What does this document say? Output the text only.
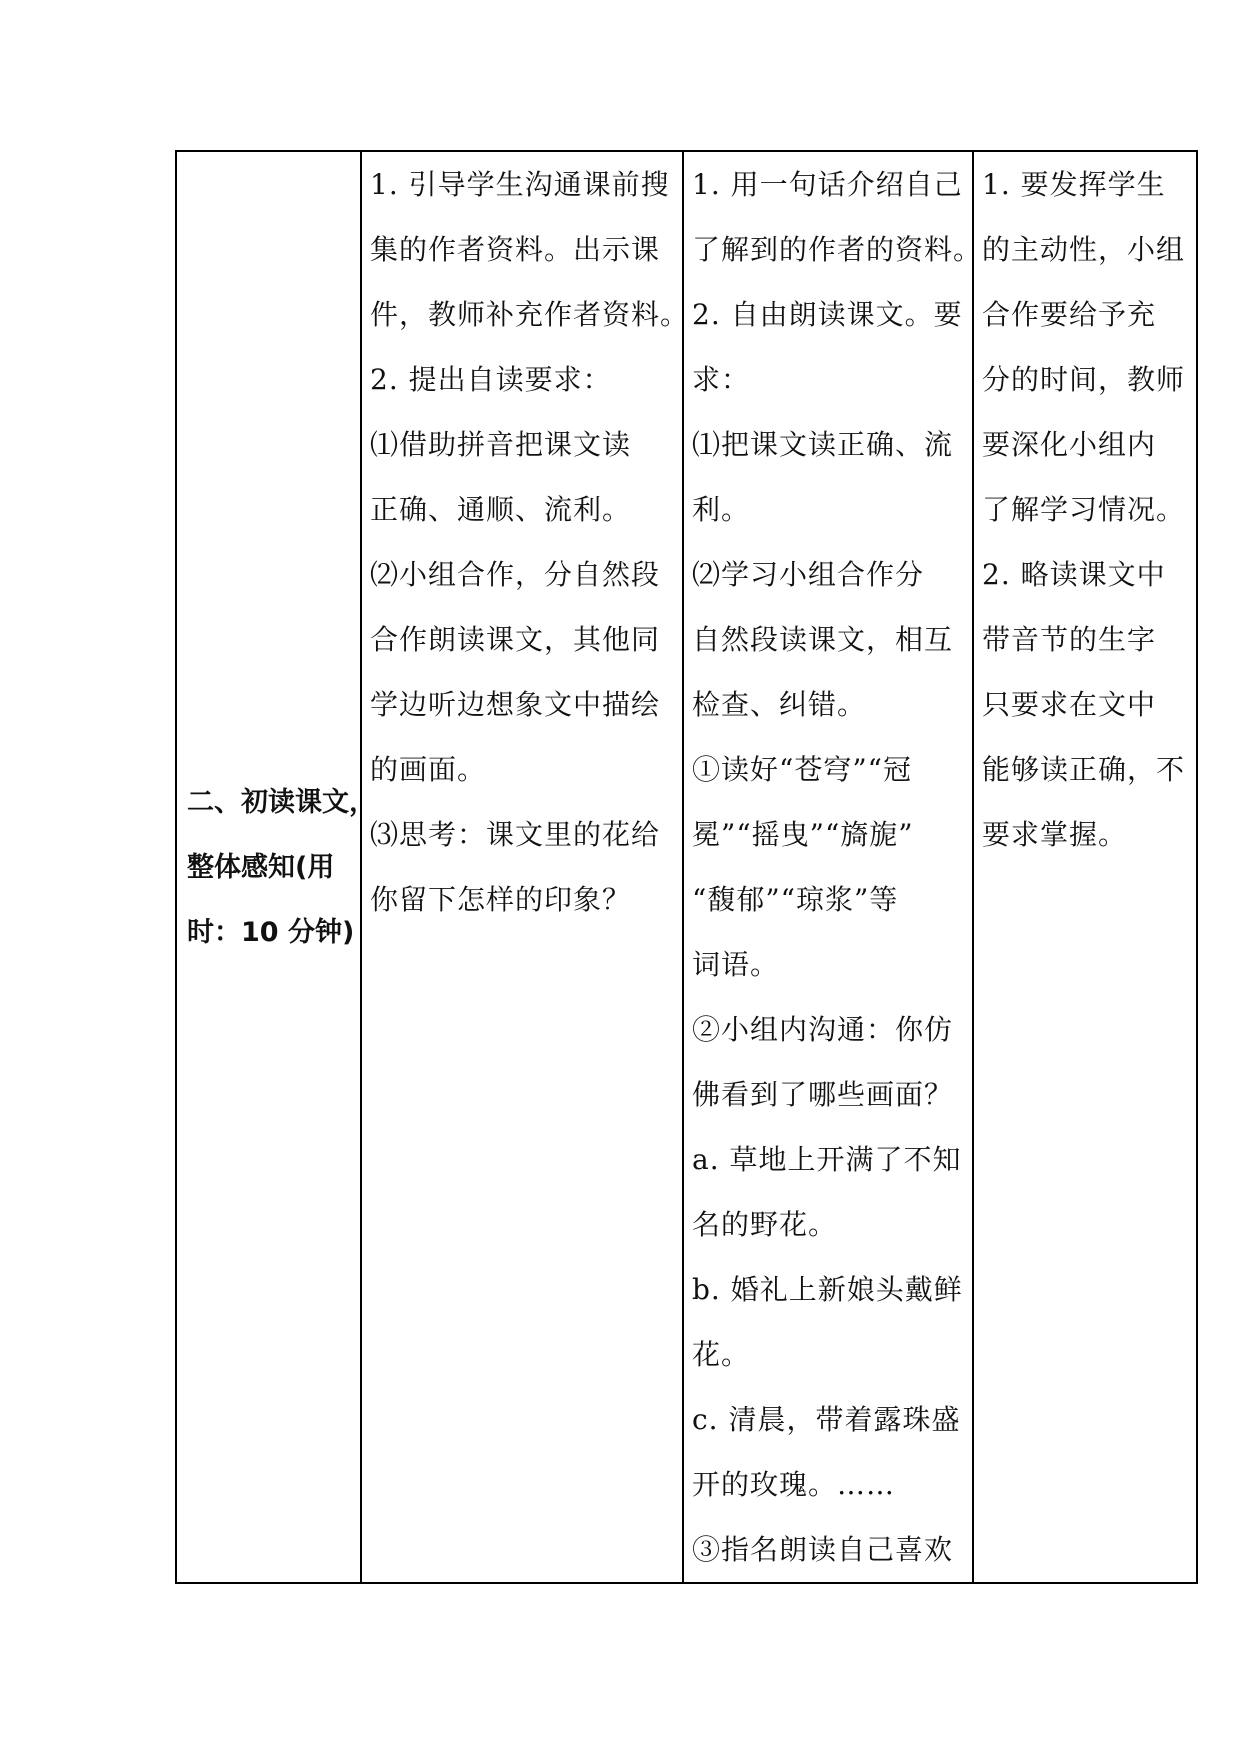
二、初读课文，
整体感知(用
时：10 分钟)

1. 引导学生沟通课前搜
集的作者资料。出示课
件，教师补充作者资料。
2. 提出自读要求：
⑴借助拼音把课文读
正确、通顺、流利。
⑵小组合作，分自然段
合作朗读课文，其他同
学边听边想象文中描绘
的画面。
⑶思考：课文里的花给
你留下怎样的印象？

1. 用一句话介绍自己
了解到的作者的资料。
2. 自由朗读课文。要
求：
⑴把课文读正确、流
利。
⑵学习小组合作分
自然段读课文，相互
检查、纠错。
①读好“苍穹”“冠
冕”“摇曳”“旖旎”
“馥郁”“琼浆”等
词语。
②小组内沟通：你仿
佛看到了哪些画面？
a. 草地上开满了不知
名的野花。
b. 婚礼上新娘头戴鲜
花。
c. 清晨，带着露珠盛
开的玫瑰。……
③指名朗读自己喜欢

1. 要发挥学生
的主动性，小组
合作要给予充
分的时间，教师
要深化小组内
了解学习情况。
2. 略读课文中
带音节的生字
只要求在文中
能够读正确，不
要求掌握。
